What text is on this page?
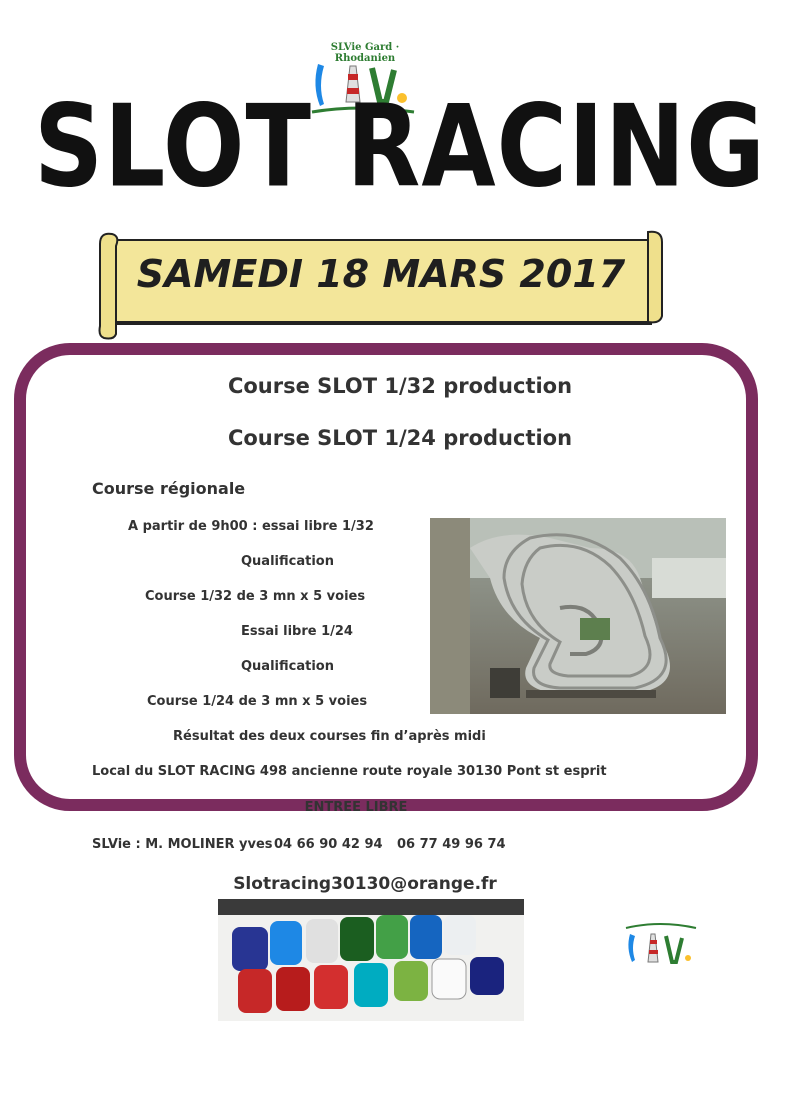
SLVie Gard · Rhodanien
SLOT RACING
SAMEDI 18 MARS 2017
Course SLOT 1/32 production
Course SLOT 1/24 production
Course régionale
A partir de 9h00 : essai libre 1/32
Qualification
Course 1/32 de 3 mn x 5 voies
Essai libre 1/24
Qualification
Course 1/24 de 3 mn x 5 voies
Résultat des deux courses fin d’après midi
Local du SLOT RACING 498 ancienne route royale 30130 Pont st esprit
ENTREE LIBRE
SLVie : M. MOLINER yves 04 66 90 42 94 06 77 49 96 74
Slotracing30130@orange.fr
